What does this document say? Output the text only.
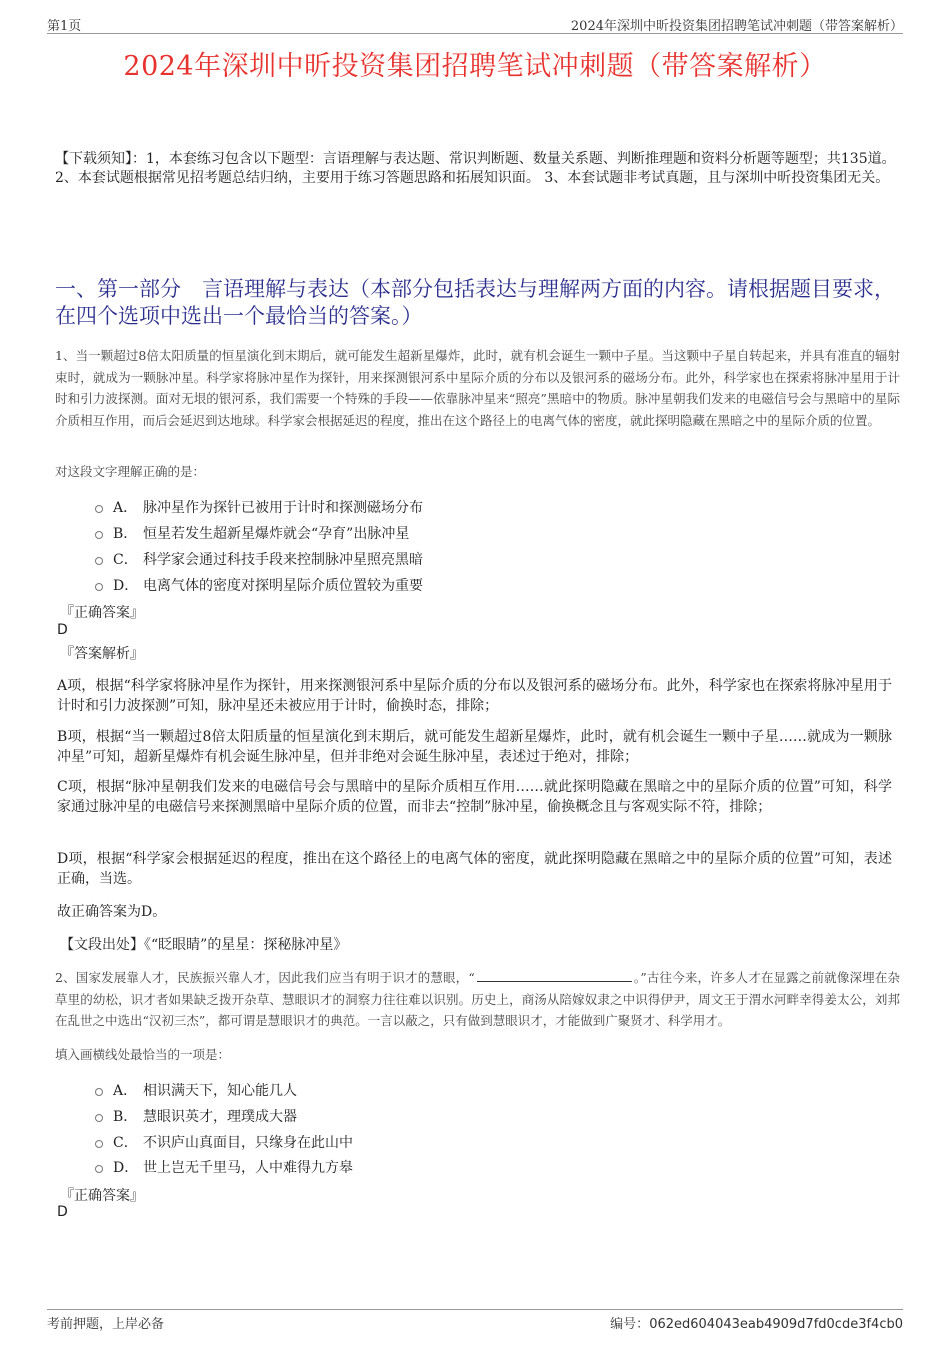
第1页	2024年深圳中昕投资集团招聘笔试冲刺题（带答案解析）
2024年深圳中昕投资集团招聘笔试冲刺题（带答案解析）
【下载须知】：1，本套练习包含以下题型：言语理解与表达题、常识判断题、数量关系题、判断推理题和资料分析题等题型；共135道。 2、本套试题根据常见招考题总结归纳，主要用于练习答题思路和拓展知识面。 3、本套试题非考试真题，且与深圳中昕投资集团无关。
一、第一部分　言语理解与表达（本部分包括表达与理解两方面的内容。请根据题目要求，在四个选项中选出一个最恰当的答案。）
1、当一颗超过8倍太阳质量的恒星演化到末期后，就可能发生超新星爆炸，此时，就有机会诞生一颗中子星。当这颗中子星自转起来，并具有准直的辐射束时，就成为一颗脉冲星。科学家将脉冲星作为探针，用来探测银河系中星际介质的分布以及银河系的磁场分布。此外，科学家也在探索将脉冲星用于计时和引力波探测。面对无垠的银河系，我们需要一个特殊的手段——依靠脉冲星来“照亮”黑暗中的物质。脉冲星朝我们发来的电磁信号会与黑暗中的星际介质相互作用，而后会延迟到达地球。科学家会根据延迟的程度，推出在这个路径上的电离气体的密度，就此探明隐藏在黑暗之中的星际介质的位置。
对这段文字理解正确的是：
A． 脉冲星作为探针已被用于计时和探测磁场分布
B． 恒星若发生超新星爆炸就会“孕育”出脉冲星
C． 科学家会通过科技手段来控制脉冲星照亮黑暗
D． 电离气体的密度对探明星际介质位置较为重要
『正确答案』
D
『答案解析』
A项，根据“科学家将脉冲星作为探针，用来探测银河系中星际介质的分布以及银河系的磁场分布。此外，科学家也在探索将脉冲星用于计时和引力波探测”可知，脉冲星还未被应用于计时，偷换时态，排除；
B项，根据“当一颗超过8倍太阳质量的恒星演化到末期后，就可能发生超新星爆炸，此时，就有机会诞生一颗中子星……就成为一颗脉冲星”可知，超新星爆炸有机会诞生脉冲星，但并非绝对会诞生脉冲星，表述过于绝对，排除；
C项，根据“脉冲星朝我们发来的电磁信号会与黑暗中的星际介质相互作用……就此探明隐藏在黑暗之中的星际介质的位置”可知，科学家通过脉冲星的电磁信号来探测黑暗中星际介质的位置，而非去“控制”脉冲星，偷换概念且与客观实际不符，排除；
D项，根据“科学家会根据延迟的程度，推出在这个路径上的电离气体的密度，就此探明隐藏在黑暗之中的星际介质的位置”可知，表述正确，当选。
故正确答案为D。
【文段出处】《“眨眼睛”的星星：探秘脉冲星》
2、国家发展靠人才，民族振兴靠人才，因此我们应当有明于识才的慧眼，“	。”古往今来，许多人才在显露之前就像深埋在杂草里的幼松，识才者如果缺乏拨开杂草、慧眼识才的洞察力往往难以识别。历史上，商汤从陪嫁奴隶之中识得伊尹，周文王于渭水河畔幸得姜太公，刘邦在乱世之中选出“汉初三杰”，都可谓是慧眼识才的典范。一言以蔽之，只有做到慧眼识才，才能做到广聚贤才、科学用才。
填入画横线处最恰当的一项是：
A． 相识满天下，知心能几人
B． 慧眼识英才，理璞成大器
C． 不识庐山真面目，只缘身在此山中
D． 世上岂无千里马，人中难得九方皋
『正确答案』
D
考前押题，上岸必备	编号：062ed604043eab4909d7fd0cde3f4cb0
